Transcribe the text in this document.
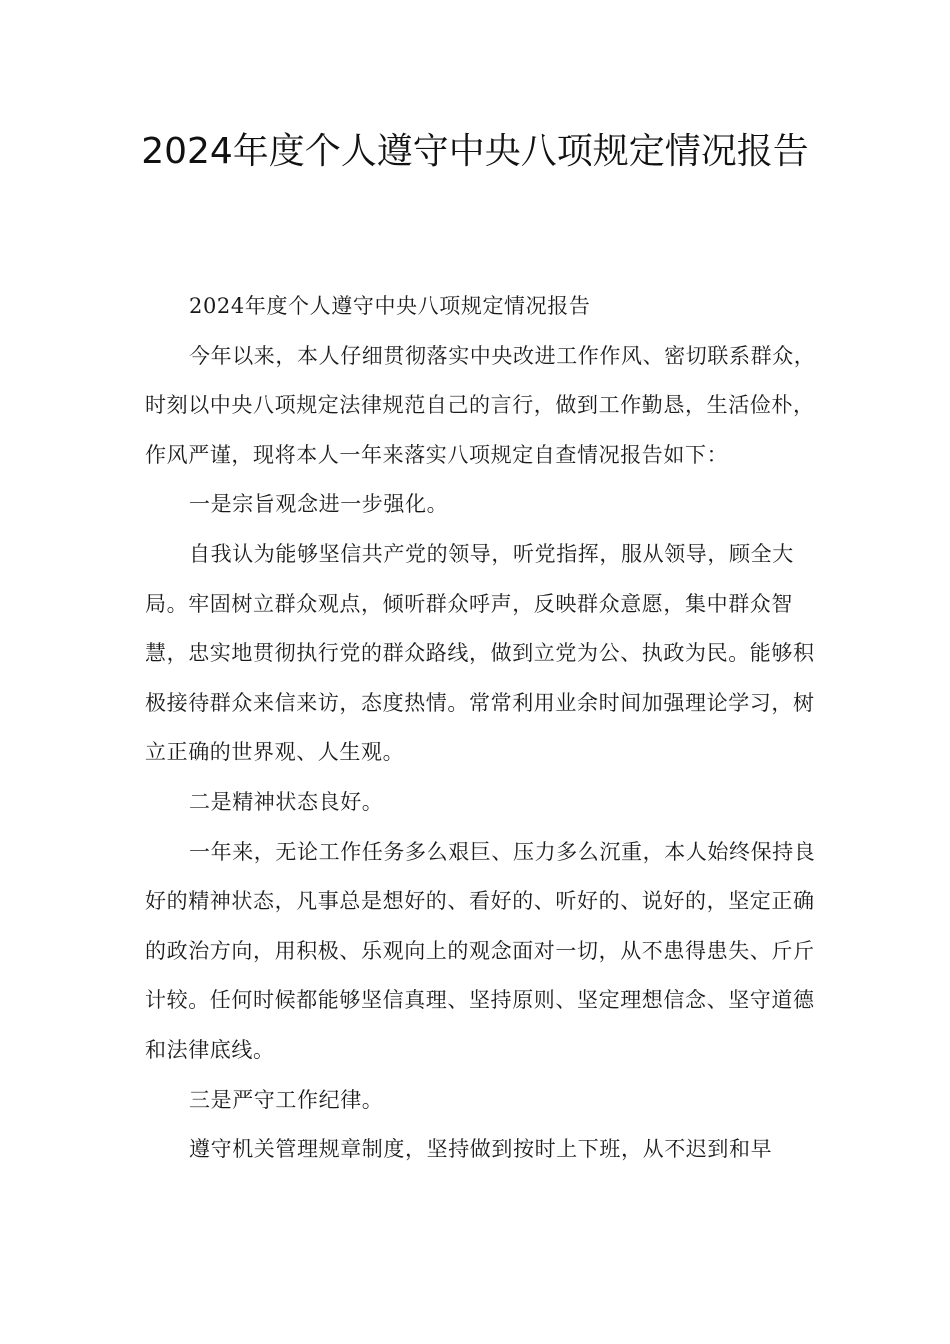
2024年度个人遵守中央八项规定情况报告

2024年度个人遵守中央八项规定情况报告

今年以来，本人仔细贯彻落实中央改进工作作风、密切联系群众，时刻以中央八项规定法律规范自己的言行，做到工作勤恳，生活俭朴，作风严谨，现将本人一年来落实八项规定自查情况报告如下：

一是宗旨观念进一步强化。

自我认为能够坚信共产党的领导，听党指挥，服从领导，顾全大局。牢固树立群众观点，倾听群众呼声，反映群众意愿，集中群众智慧，忠实地贯彻执行党的群众路线，做到立党为公、执政为民。能够积极接待群众来信来访，态度热情。常常利用业余时间加强理论学习，树立正确的世界观、人生观。

二是精神状态良好。

一年来，无论工作任务多么艰巨、压力多么沉重，本人始终保持良好的精神状态，凡事总是想好的、看好的、听好的、说好的，坚定正确的政治方向，用积极、乐观向上的观念面对一切，从不患得患失、斤斤计较。任何时候都能够坚信真理、坚持原则、坚定理想信念、坚守道德和法律底线。

三是严守工作纪律。

遵守机关管理规章制度，坚持做到按时上下班，从不迟到和早
